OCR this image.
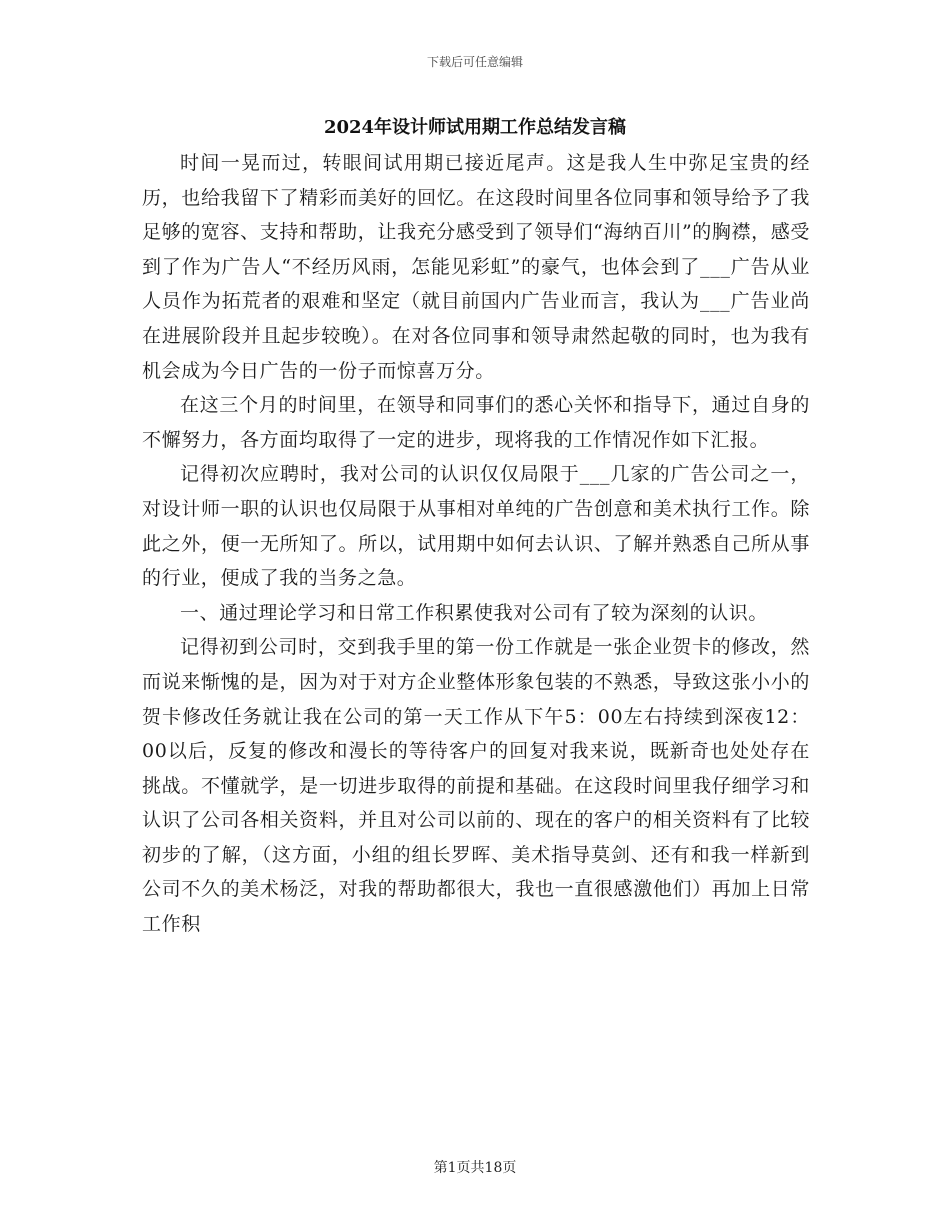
下载后可任意编辑
2024年设计师试用期工作总结发言稿

时间一晃而过，转眼间试用期已接近尾声。这是我人生中弥足宝贵的经历，也给我留下了精彩而美好的回忆。在这段时间里各位同事和领导给予了我足够的宽容、支持和帮助，让我充分感受到了领导们“海纳百川”的胸襟，感受到了作为广告人“不经历风雨，怎能见彩虹”的豪气，也体会到了___广告从业人员作为拓荒者的艰难和坚定（就目前国内广告业而言，我认为___广告业尚在进展阶段并且起步较晚）。在对各位同事和领导肃然起敬的同时，也为我有机会成为今日广告的一份子而惊喜万分。

在这三个月的时间里，在领导和同事们的悉心关怀和指导下，通过自身的不懈努力，各方面均取得了一定的进步，现将我的工作情况作如下汇报。

记得初次应聘时，我对公司的认识仅仅局限于___几家的广告公司之一，对设计师一职的认识也仅局限于从事相对单纯的广告创意和美术执行工作。除此之外，便一无所知了。所以，试用期中如何去认识、了解并熟悉自己所从事的行业，便成了我的当务之急。

一、通过理论学习和日常工作积累使我对公司有了较为深刻的认识。

记得初到公司时，交到我手里的第一份工作就是一张企业贺卡的修改，然而说来惭愧的是，因为对于对方企业整体形象包装的不熟悉，导致这张小小的贺卡修改任务就让我在公司的第一天工作从下午5：00左右持续到深夜12：00以后，反复的修改和漫长的等待客户的回复对我来说，既新奇也处处存在挑战。不懂就学，是一切进步取得的前提和基础。在这段时间里我仔细学习和认识了公司各相关资料，并且对公司以前的、现在的客户的相关资料有了比较初步的了解，（这方面，小组的组长罗晖、美术指导莫剑、还有和我一样新到公司不久的美术杨泛，对我的帮助都很大，我也一直很感激他们）再加上日常工作积

第1页共18页
